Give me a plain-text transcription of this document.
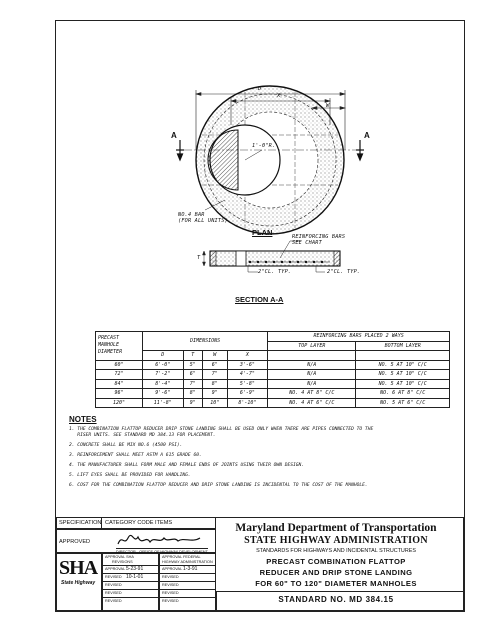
D
X
W
A	A
1'-0"R.
NO.4 BAR
(FOR ALL UNITS)
PLAN	REINFORCING BARS
SEE CHART
T
2"CL. TYP.	2"CL. TYP.
SECTION A-A
PRECAST
MANHOLE
DIAMETER	DIMENSIONS				REINFORCING BARS PLACED 2 WAYS	
					TOP LAYER	BOTTOM LAYER
	D	T	W	X		
60"	6'-0"	5"	6"	3'-6"	N/A	NO. 5 AT 10" C/C
72"	7'-2"	6"	7"	4'-7"	N/A	NO. 5 AT 10" C/C
84"	8'-4"	7"	8"	5'-8"	N/A	NO. 5 AT 10" C/C
96"	9'-6"	8"	9"	6'-9"	NO. 4 AT 8" C/C	NO. 6 AT 8" C/C
120"	11'-8"	9"	10"	8'-10"	NO. 4 AT 6" C/C	NO. 5 AT 6" C/C
NOTES
1. THE COMBINATION FLATTOP REDUCER DRIP STONE LANDING SHALL BE USED ONLY WHEN THERE ARE PIPES CONNECTED TO THE
RISER UNITS. SEE STANDARD MD 384.13 FOR PLACEMENT.
2. CONCRETE SHALL BE MIX NO.6 (4500 PSI).
3. REINFORCEMENT SHALL MEET ASTM A 615 GRADE 60.
4. THE MANUFACTURER SHALL FORM MALE AND FEMALE ENDS OF JOINTS USING THEIR OWN DESIGN.
5. LIFT EYES SHALL BE PROVIDED FOR HANDLING.
6. COST FOR THE COMBINATION FLATTOP REDUCER AND DRIP STONE LANDING IS INCIDENTAL TO THE COST OF THE MANHOLE.
SPECIFICATION CATEGORY CODE ITEMS
APPROVED
DIRECTOR - OFFICE OF HIGHWAY DEVELOPMENT
SHA
State Highway
APPROVAL SHA
REVISIONS
APPROVAL FEDERAL
HIGHWAY ADMINISTRATION
APPROVAL 5-23-91	APPROVAL 1-3-91
REVISED 10-1-01	REVISED
REVISED	REVISED
REVISED	REVISED
REVISED	REVISED
Maryland Department of Transportation
STATE HIGHWAY ADMINISTRATION
STANDARDS FOR HIGHWAYS AND INCIDENTAL STRUCTURES
PRECAST COMBINATION FLATTOP
REDUCER AND DRIP STONE LANDING
FOR 60" TO 120" DIAMETER MANHOLES
STANDARD NO. MD 384.15
